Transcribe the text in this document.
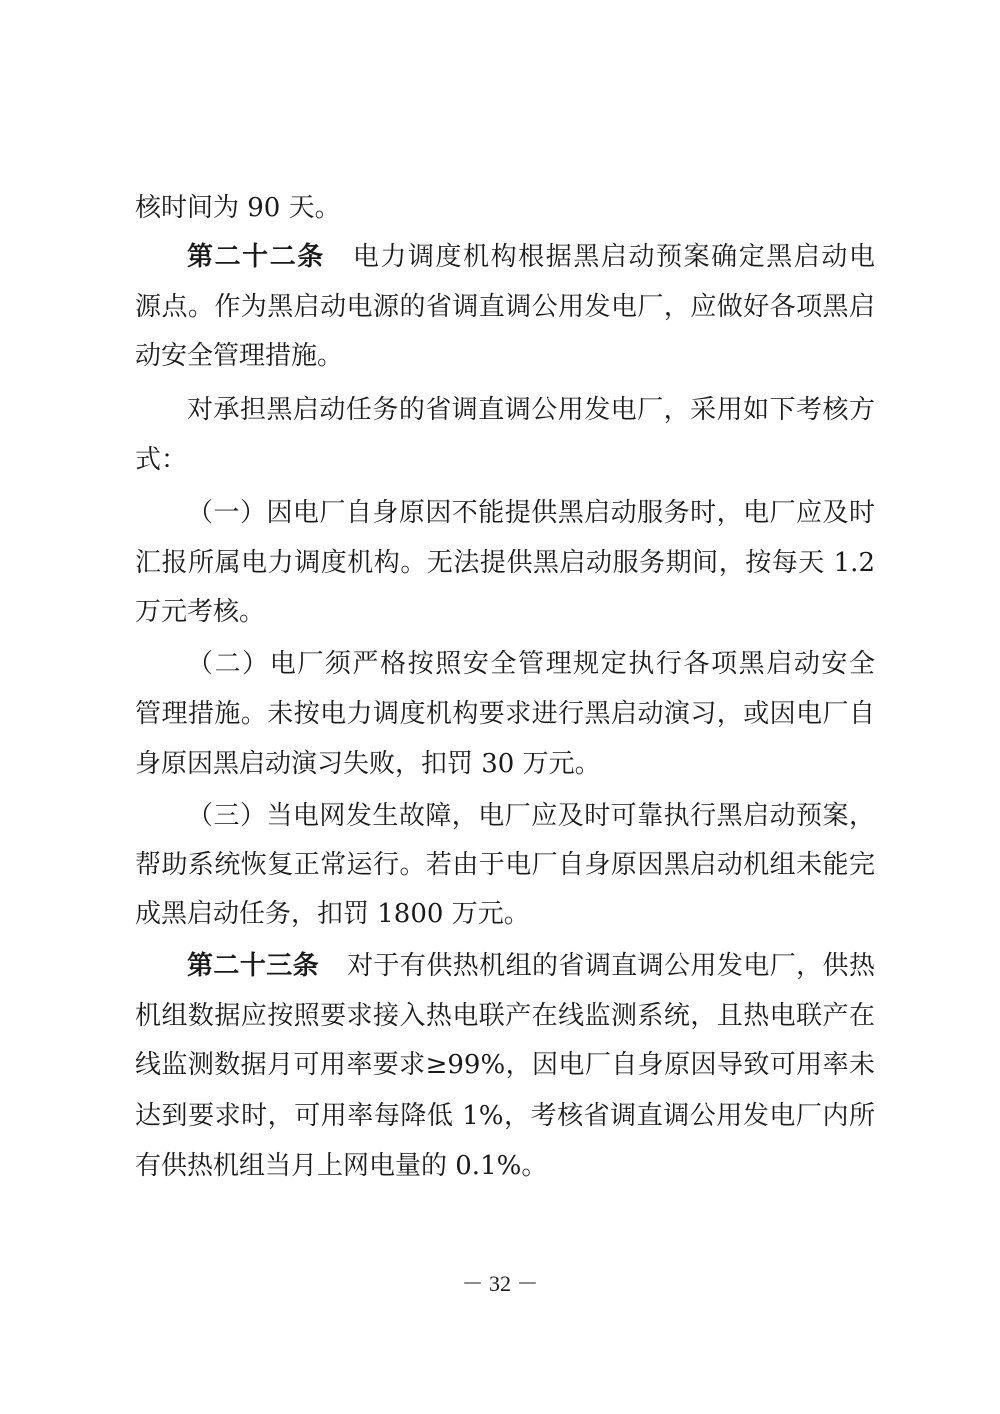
核时间为 90 天。
第二十二条 电力调度机构根据黑启动预案确定黑启动电
源点。作为黑启动电源的省调直调公用发电厂，应做好各项黑启
动安全管理措施。
对承担黑启动任务的省调直调公用发电厂，采用如下考核方
式：
（一）因电厂自身原因不能提供黑启动服务时，电厂应及时
汇报所属电力调度机构。无法提供黑启动服务期间，按每天 1.2
万元考核。
（二）电厂须严格按照安全管理规定执行各项黑启动安全
管理措施。未按电力调度机构要求进行黑启动演习，或因电厂自
身原因黑启动演习失败，扣罚 30 万元。
（三）当电网发生故障，电厂应及时可靠执行黑启动预案，
帮助系统恢复正常运行。若由于电厂自身原因黑启动机组未能完
成黑启动任务，扣罚 1800 万元。
第二十三条 对于有供热机组的省调直调公用发电厂，供热
机组数据应按照要求接入热电联产在线监测系统，且热电联产在
线监测数据月可用率要求≥99%，因电厂自身原因导致可用率未
达到要求时，可用率每降低 1%，考核省调直调公用发电厂内所
有供热机组当月上网电量的 0.1%。
－ 32 －
